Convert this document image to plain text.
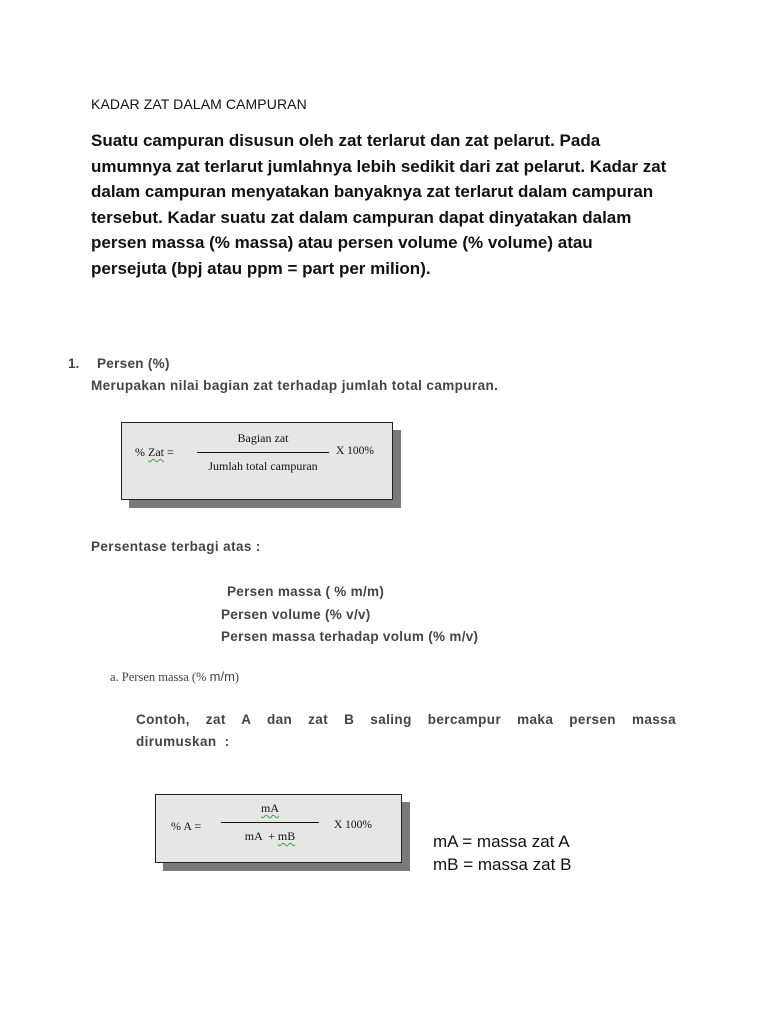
KADAR ZAT DALAM CAMPURAN
Suatu campuran disusun oleh zat terlarut dan zat pelarut. Pada umumnya zat terlarut jumlahnya lebih sedikit dari zat pelarut. Kadar zat dalam campuran menyatakan banyaknya zat terlarut dalam campuran tersebut. Kadar suatu zat dalam campuran dapat dinyatakan dalam persen massa (% massa) atau persen volume (% volume) atau persejuta (bpj atau ppm = part per milion).
1. Persen (%)
Merupakan nilai bagian zat terhadap jumlah total campuran.
% Zat =
Bagian zat
Jumlah total campuran
X 100%
Persentase terbagi atas :
Persen massa ( % m/m)
Persen volume (% v/v)
Persen massa terhadap volum (% m/v)
a. Persen massa (% m/m)
Contoh, zat A dan zat B saling bercampur maka persen massa dirumuskan :
% A =
mA
mA  + mB
X 100%
mA = massa zat A
mB = massa zat B
